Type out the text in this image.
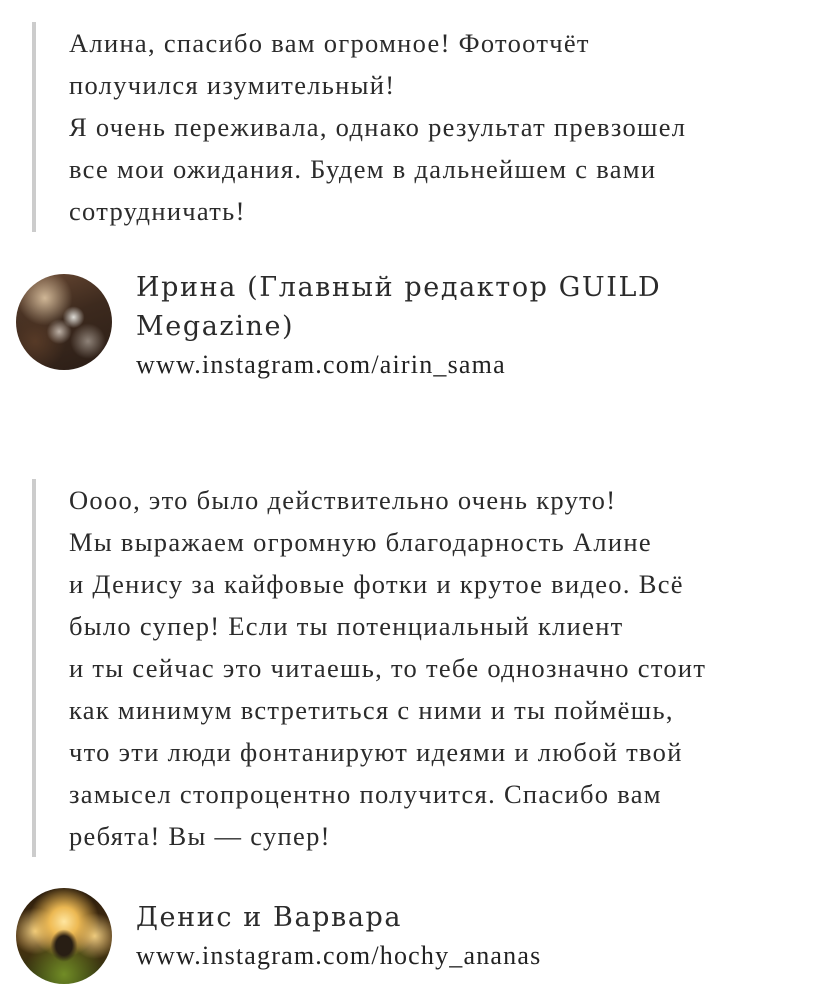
Алина, спасибо вам огромное! Фотоотчёт

получился изумительный!

Я очень переживала, однако результат превзошел

все мои ожидания. Будем в дальнейшем с вами

сотрудничать!

Ирина (Главный редактор GUILD Megazine)
www.instagram.com/airin_sama

Оооо, это было действительно очень круто!

Мы выражаем огромную благодарность Алине

и Денису за кайфовые фотки и крутое видео. Всё

было супер! Если ты потенциальный клиент

и ты сейчас это читаешь, то тебе однозначно стоит

как минимум встретиться с ними и ты поймёшь,

что эти люди фонтанируют идеями и любой твой

замысел стопроцентно получится. Спасибо вам

ребята! Вы — супер!

Денис и Варвара
www.instagram.com/hochy_ananas
